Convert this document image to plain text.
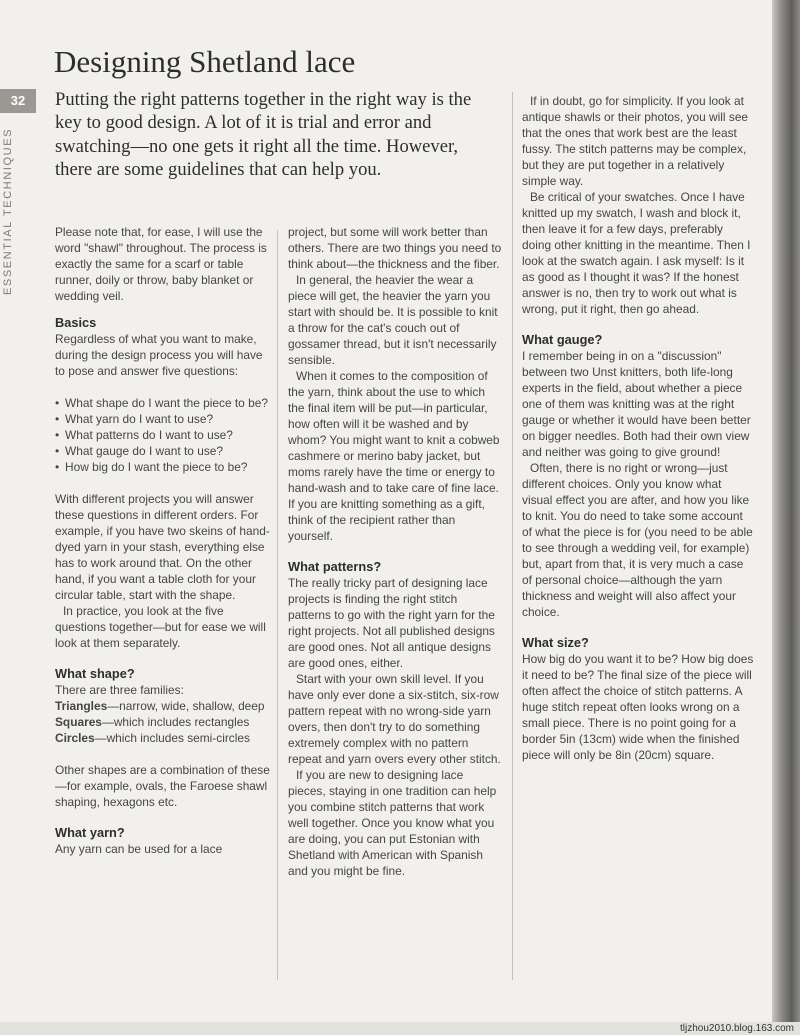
32
ESSENTIAL TECHNIQUES
Designing Shetland lace

Putting the right patterns together in the right way is the key to good design. A lot of it is trial and error and swatching—no one gets it right all the time. However, there are some guidelines that can help you.

Please note that, for ease, I will use the word "shawl" throughout. The process is exactly the same for a scarf or table runner, doily or throw, baby blanket or wedding veil.

Basics

Regardless of what you want to make, during the design process you will have to pose and answer five questions:

• What shape do I want the piece to be?
• What yarn do I want to use?
• What patterns do I want to use?
• What gauge do I want to use?
• How big do I want the piece to be?

With different projects you will answer these questions in different orders. For example, if you have two skeins of hand-dyed yarn in your stash, everything else has to work around that. On the other hand, if you want a table cloth for your circular table, start with the shape.

In practice, you look at the five questions together—but for ease we will look at them separately.

What shape?

There are three families:

Triangles—narrow, wide, shallow, deep

Squares—which includes rectangles

Circles—which includes semi-circles

Other shapes are a combination of these—for example, ovals, the Faroese shawl shaping, hexagons etc.

What yarn?

Any yarn can be used for a lace

project, but some will work better than others. There are two things you need to think about—the thickness and the fiber.

In general, the heavier the wear a piece will get, the heavier the yarn you start with should be. It is possible to knit a throw for the cat's couch out of gossamer thread, but it isn't necessarily sensible.

When it comes to the composition of the yarn, think about the use to which the final item will be put—in particular, how often will it be washed and by whom? You might want to knit a cobweb cashmere or merino baby jacket, but moms rarely have the time or energy to hand-wash and to take care of fine lace. If you are knitting something as a gift, think of the recipient rather than yourself.

What patterns?

The really tricky part of designing lace projects is finding the right stitch patterns to go with the right yarn for the right projects. Not all published designs are good ones. Not all antique designs are good ones, either.

Start with your own skill level. If you have only ever done a six-stitch, six-row pattern repeat with no wrong-side yarn overs, then don't try to do something extremely complex with no pattern repeat and yarn overs every other stitch.

If you are new to designing lace pieces, staying in one tradition can help you combine stitch patterns that work well together. Once you know what you are doing, you can put Estonian with Shetland with American with Spanish and you might be fine.

If in doubt, go for simplicity. If you look at antique shawls or their photos, you will see that the ones that work best are the least fussy. The stitch patterns may be complex, but they are put together in a relatively simple way.

Be critical of your swatches. Once I have knitted up my swatch, I wash and block it, then leave it for a few days, preferably doing other knitting in the meantime. Then I look at the swatch again. I ask myself: Is it as good as I thought it was? If the honest answer is no, then try to work out what is wrong, put it right, then go ahead.

What gauge?

I remember being in on a "discussion" between two Unst knitters, both life-long experts in the field, about whether a piece one of them was knitting was at the right gauge or whether it would have been better on bigger needles. Both had their own view and neither was going to give ground!

Often, there is no right or wrong—just different choices. Only you know what visual effect you are after, and how you like to knit. You do need to take some account of what the piece is for (you need to be able to see through a wedding veil, for example) but, apart from that, it is very much a case of personal choice—although the yarn thickness and weight will also affect your choice.

What size?

How big do you want it to be? How big does it need to be? The final size of the piece will often affect the choice of stitch patterns. A huge stitch repeat often looks wrong on a small piece. There is no point going for a border 5in (13cm) wide when the finished piece will only be 8in (20cm) square.

tljzhou2010.blog.163.com
